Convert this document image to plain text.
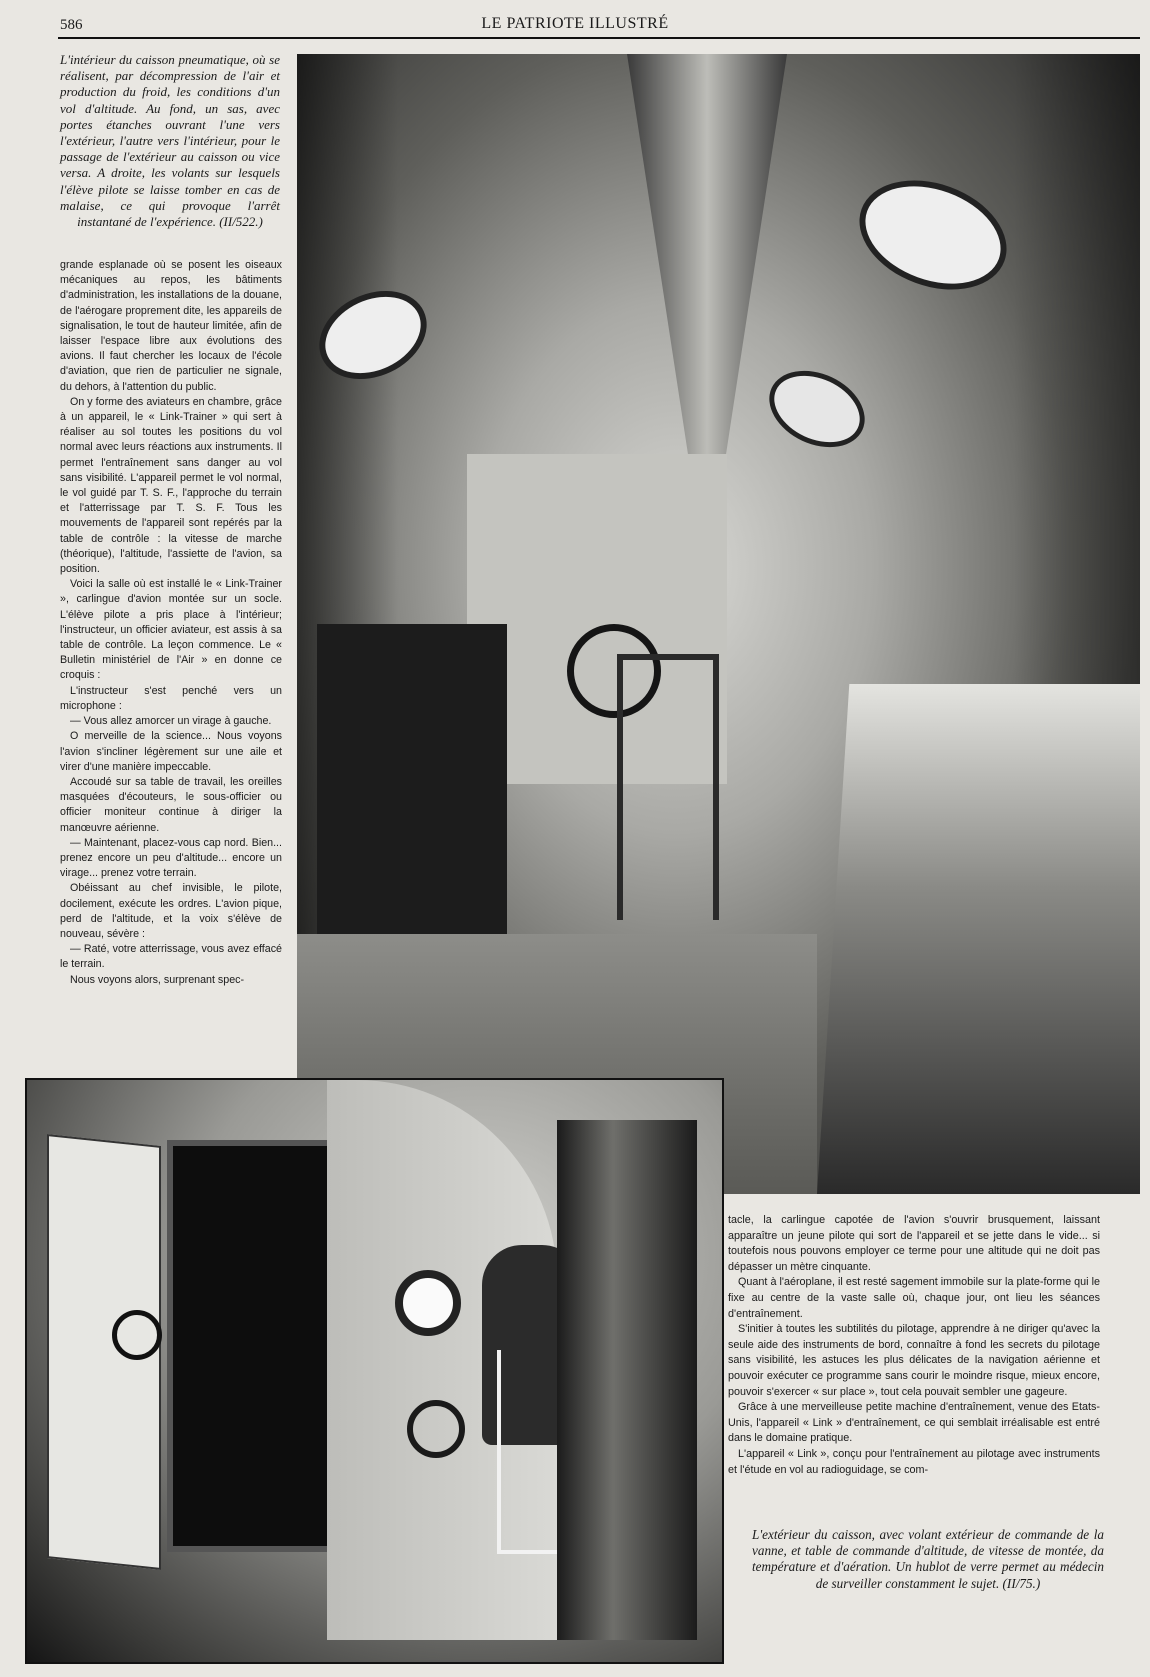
586	LE PATRIOTE ILLUSTRÉ
L'intérieur du caisson pneumatique, où se réalisent, par décompression de l'air et production du froid, les conditions d'un vol d'altitude. Au fond, un sas, avec portes étanches ouvrant l'une vers l'extérieur, l'autre vers l'intérieur, pour le passage de l'extérieur au caisson ou vice versa. A droite, les volants sur lesquels l'élève pilote se laisse tomber en cas de malaise, ce qui provoque l'arrêt instantané de l'expérience. (II/522.)

grande esplanade où se posent les oiseaux mécaniques au repos, les bâtiments d'administration, les installations de la douane, de l'aérogare proprement dite, les appareils de signalisation, le tout de hauteur limitée, afin de laisser l'espace libre aux évolutions des avions. Il faut chercher les locaux de l'école d'aviation, que rien de particulier ne signale, du dehors, à l'attention du public.

On y forme des aviateurs en chambre, grâce à un appareil, le « Link-Trainer » qui sert à réaliser au sol toutes les positions du vol normal avec leurs réactions aux instruments. Il permet l'entraînement sans danger au vol sans visibilité. L'appareil permet le vol normal, le vol guidé par T. S. F., l'approche du terrain et l'atterrissage par T. S. F. Tous les mouvements de l'appareil sont repérés par la table de contrôle : la vitesse de marche (théorique), l'altitude, l'assiette de l'avion, sa position.

Voici la salle où est installé le « Link-Trainer », carlingue d'avion montée sur un socle. L'élève pilote a pris place à l'intérieur; l'instructeur, un officier aviateur, est assis à sa table de contrôle. La leçon commence. Le « Bulletin ministériel de l'Air » en donne ce croquis :

L'instructeur s'est penché vers un microphone :

— Vous allez amorcer un virage à gauche.

O merveille de la science... Nous voyons l'avion s'incliner légèrement sur une aile et virer d'une manière impeccable.

Accoudé sur sa table de travail, les oreilles masquées d'écouteurs, le sous-officier ou officier moniteur continue à diriger la manœuvre aérienne.

— Maintenant, placez-vous cap nord. Bien... prenez encore un peu d'altitude... encore un virage... prenez votre terrain.

Obéissant au chef invisible, le pilote, docilement, exécute les ordres. L'avion pique, perd de l'altitude, et la voix s'élève de nouveau, sévère :

— Raté, votre atterrissage, vous avez effacé le terrain.

Nous voyons alors, surprenant spec-

tacle, la carlingue capotée de l'avion s'ouvrir brusquement, laissant apparaître un jeune pilote qui sort de l'appareil et se jette dans le vide... si toutefois nous pouvons employer ce terme pour une altitude qui ne doit pas dépasser un mètre cinquante.

Quant à l'aéroplane, il est resté sagement immobile sur la plate-forme qui le fixe au centre de la vaste salle où, chaque jour, ont lieu les séances d'entraînement.

S'initier à toutes les subtilités du pilotage, apprendre à ne diriger qu'avec la seule aide des instruments de bord, connaître à fond les secrets du pilotage sans visibilité, les astuces les plus délicates de la navigation aérienne et pouvoir exécuter ce programme sans courir le moindre risque, mieux encore, pouvoir s'exercer « sur place », tout cela pouvait sembler une gageure.

Grâce à une merveilleuse petite machine d'entraînement, venue des Etats-Unis, l'appareil « Link » d'entraînement, ce qui semblait irréalisable est entré dans le domaine pratique.

L'appareil « Link », conçu pour l'entraînement au pilotage avec instruments et l'étude en vol au radioguidage, se com-

L'extérieur du caisson, avec volant extérieur de commande de la vanne, et table de commande d'altitude, de vitesse de montée, da température et d'aération. Un hublot de verre permet au médecin de surveiller constamment le sujet. (II/75.)
